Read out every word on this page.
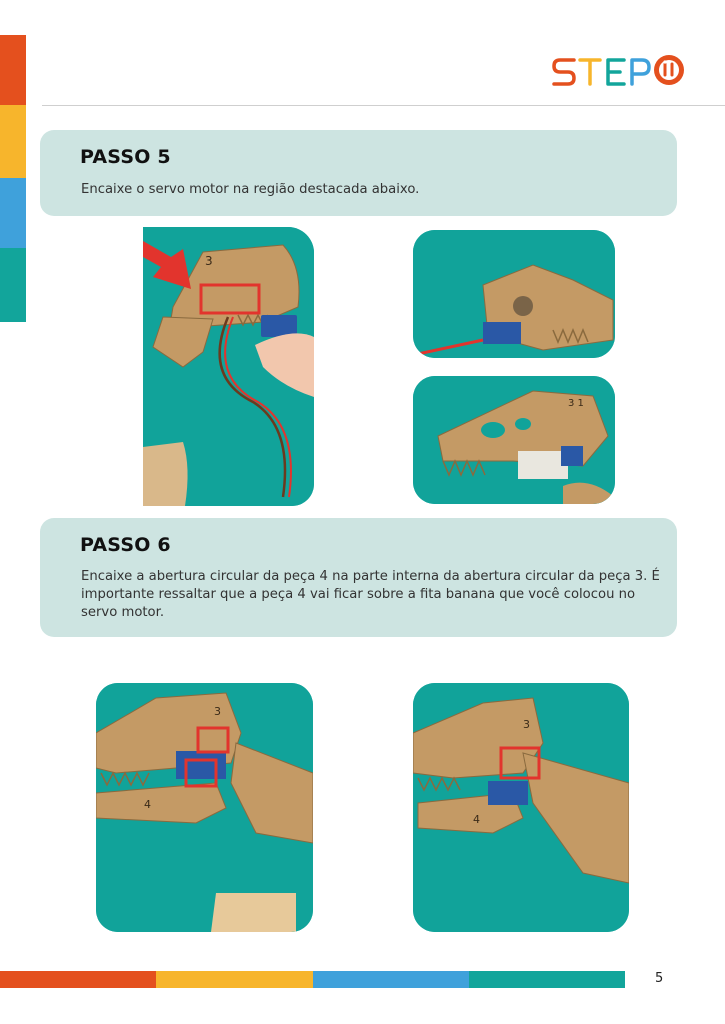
PASSO 5

Encaixe o servo motor na região destacada abaixo.

3
3 1
PASSO 6

Encaixe a abertura circular da peça 4 na parte interna da abertura circular da peça 3. É importante ressaltar que a peça 4 vai ficar sobre a fita banana que você colocou no servo motor.

3
4
3
4
5
